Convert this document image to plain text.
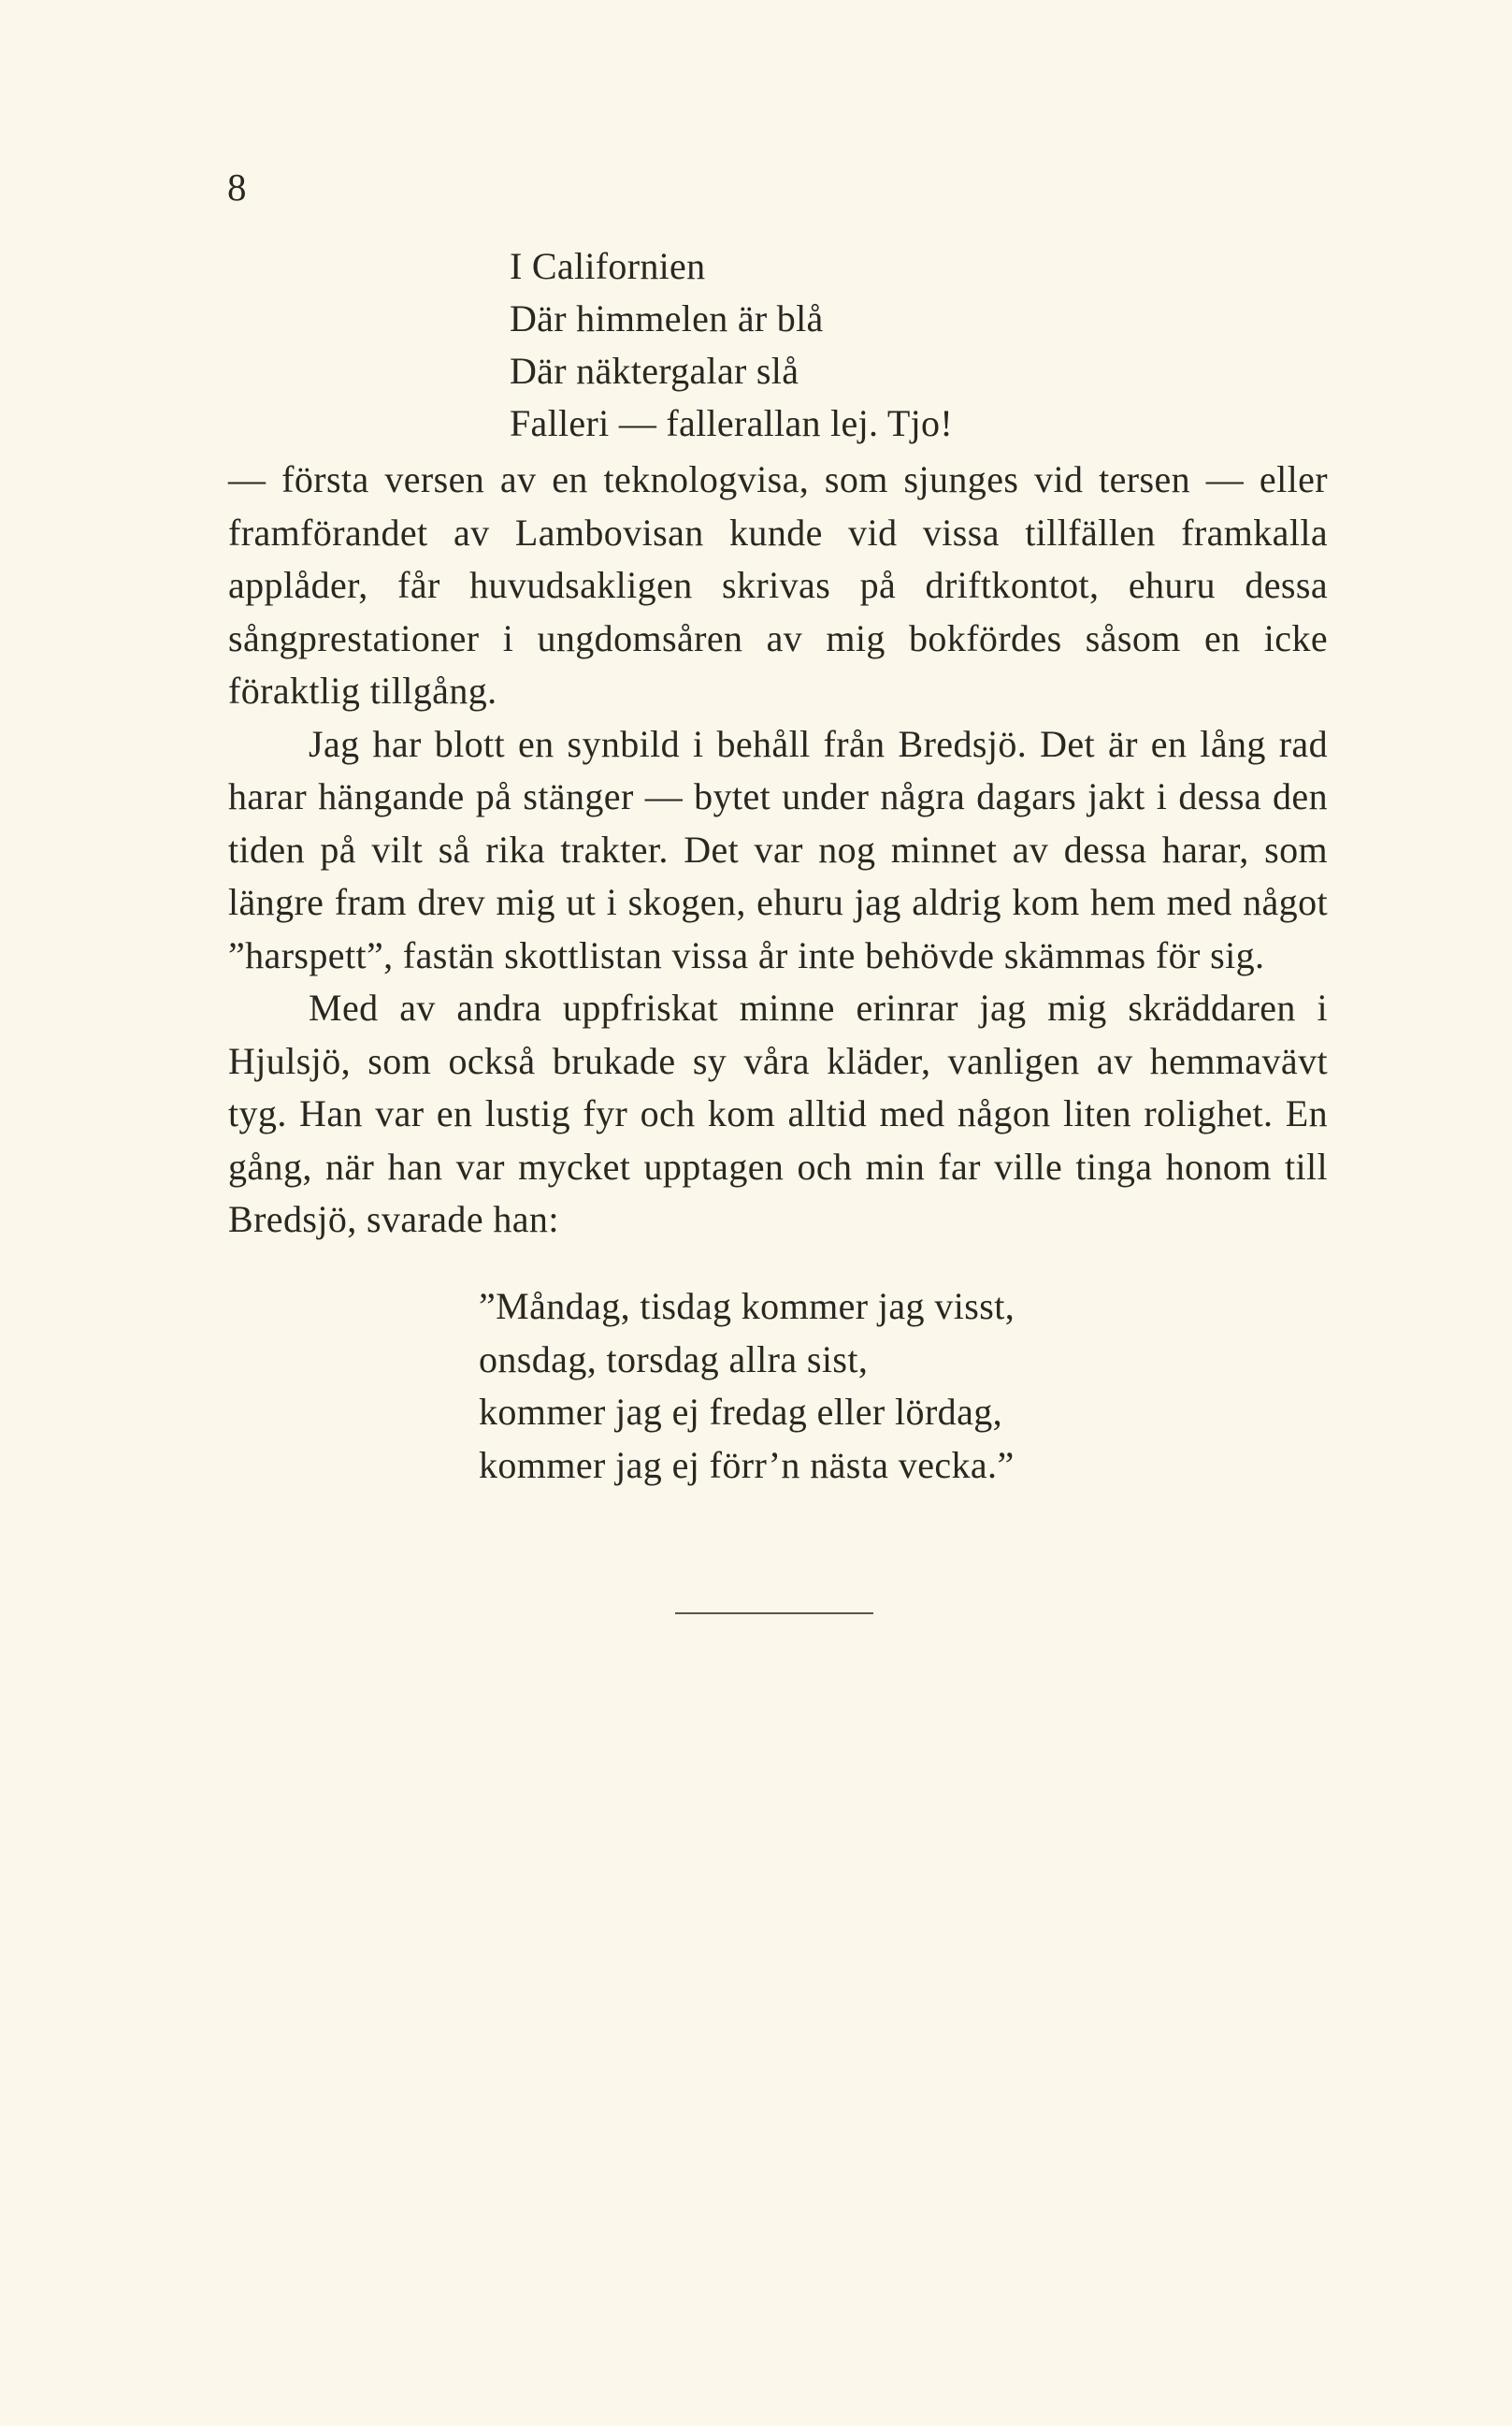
8
I Californien
Där himmelen är blå
Där näktergalar slå
Falleri — fallerallan lej. Tjo!

— första versen av en teknologvisa, som sjunges vid tersen — eller framförandet av Lambovisan kunde vid vissa tillfällen framkalla applåder, får huvudsakligen skrivas på driftkontot, ehuru dessa sångprestationer i ungdomsåren av mig bokfördes såsom en icke föraktlig tillgång.

Jag har blott en synbild i behåll från Bredsjö. Det är en lång rad harar hängande på stänger — bytet under några dagars jakt i dessa den tiden på vilt så rika trakter. Det var nog minnet av dessa harar, som längre fram drev mig ut i skogen, ehuru jag aldrig kom hem med något ”harspett”, fastän skottlistan vissa år inte behövde skämmas för sig.

Med av andra uppfriskat minne erinrar jag mig skräddaren i Hjulsjö, som också brukade sy våra kläder, vanligen av hemmavävt tyg. Han var en lustig fyr och kom alltid med någon liten rolighet. En gång, när han var mycket upptagen och min far ville tinga honom till Bredsjö, svarade han:

”Måndag, tisdag kommer jag visst,
onsdag, torsdag allra sist,
kommer jag ej fredag eller lördag,
kommer jag ej förr’n nästa vecka.”
